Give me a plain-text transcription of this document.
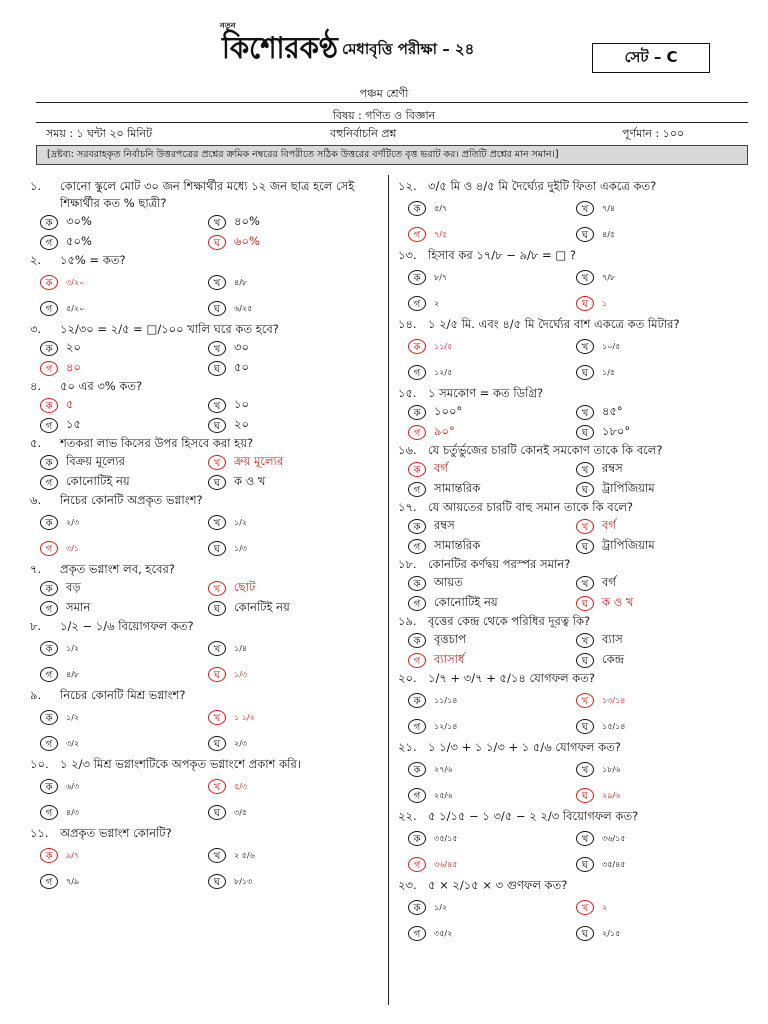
নতুন
কিশোরকণ্ঠ
মেধাবৃত্তি পরীক্ষা – ২৪	সেট – C
পঞ্চম শ্রেণী
বিষয় : গণিত ও বিজ্ঞান
সময় : ১ ঘন্টা ২০ মিনিট	বহুনির্বাচনি প্রশ্ন	পূর্ণমান : ১০০
[দ্রষ্টব্য: সরবরাহকৃত নির্বাচনি উত্তরপত্রের প্রশ্নের ক্রমিক নম্বরের বিপরীতে সঠিক উত্তরের বর্ণটিতে বৃত্ত ভরাট কর। প্রতিটি প্রশ্নের মান সমান।]
১.	কোনো স্কুলে মোট ৩০ জন শিক্ষার্থীর মধ্যে ১২ জন ছাত্র হলে সেই শিক্ষার্থীর কত % ছাত্রী?
ক	৩০%	খ	৪০%
গ	৫০%	ঘ	৬০%
২.	১৫% = কত?
ক	৩/২০	খ	৪/৮
গ	৫/২০	ঘ	৬/২৫
৩.	১২/৩০ = ২/৫ = □/১০০ খালি ঘরে কত হবে?
ক	২০	খ	৩০
গ	৪০	ঘ	৫০
৪.	৫০ এর ৩% কত?
ক	৫	খ	১০
গ	১৫	ঘ	২০
৫.	শতকরা লাভ কিসের উপর হিসবে করা হয়?
ক	বিক্রয় মূল্যের	খ	ক্রয় মূল্যের
গ	কোনোটিই নয়	ঘ	ক ও খ
৬.	নিচের কোনটি অপ্রকৃত ভগ্নাংশ?
ক	২/৩	খ	১/২
গ	৩/১	ঘ	১/৩
৭.	প্রকৃত ভগ্নাংশ লব, হবের?
ক	বড়	খ	ছোট
গ	সমান	ঘ	কোনটিই নয়
৮.	১/২ − ১/৬ বিয়োগফল কত?
ক	১/২	খ	১/৪
গ	৪/৮	ঘ	১/৩
৯.	নিচের কোনটি মিশ্র ভগ্নাংশ?
ক	১/২	খ	১ ১/২
গ	৩/২	ঘ	২/৩
১০. ১ ২/৩ মিশ্র ভগ্নাংশটিকে অপকৃত ভগ্নাংশে প্রকাশ করি।
ক	৬/৩	খ	৫/৩
গ	৪/৩	ঘ	৩/৫
১১. অপ্রকৃত ভগ্নাংশ কোনটি?
ক	৯/৭	খ	২ ৫/৬
গ	৭/৯	ঘ	৮/১৩
১২. ৩/৫ মি ও ৪/৫ মি দৈর্ঘ্যের দুইটি ফিতা একত্রে কত?
ক	৫/৭	খ	৭/৪
গ	৭/৫	ঘ	৪/৫
১৩. হিসাব কর ১৭/৮ − ৯/৮ = □ ?
ক	৮/৭	খ	৭/৮
গ	২	ঘ	১
১৪. ১ ২/৫ মি. এবং ৪/৫ মি দৈর্ঘ্যের বাশ একত্রে কত মিটার?
ক	১১/৫	খ	১০/৫
গ	১২/৫	ঘ	১/৫
১৫. ১ সমকোণ = কত ডিগ্রি?
ক	১০০°	খ	৪৫°
গ	৯০°	ঘ	১৮০°
১৬. যে চর্তুর্ভুজের চারটি কোনই সমকোণ তাকে কি বলে?
ক	বর্গ	খ	রম্বস
গ	সামান্তরিক	ঘ	ট্রাপিজিয়াম
১৭. যে আয়তের চারটি বাহু সমান তাকে কি বলে?
ক	রম্বস	খ	বর্গ
গ	সামান্তরিক	ঘ	ট্রাপিজিয়াম
১৮. কোনটির কর্ণদ্বয় পরস্পর সমান?
ক	আয়ত	খ	বর্গ
গ	কোনোটিই নয়	ঘ	ক ও খ
১৯. বৃত্তের কেন্দ্র থেকে পরিধির দূরত্ব কি?
ক	বৃত্তচাপ	খ	ব্যাস
গ	ব্যাসার্ধ	ঘ	কেন্দ্র
২০. ১/৭ + ৩/৭ + ৫/১৪ যোগফল কত?
ক	১১/১৪	খ	১৩/১৪
গ	১২/১৪	ঘ	১৫/১৪
২১. ১ ১/৩ + ১ ১/৩ + ১ ৫/৬ যোগফল কত?
ক	২৭/৬	খ	১৮/৬
গ	২৫/৬	ঘ	২৯/৬
২২. ৫ ১/১৫ − ১ ৩/৫ − ২ ২/৩ বিয়োগফল কত?
ক	৩৫/১৫	খ	৩৬/১৫
গ	৩৬/৪৫	ঘ	৩৫/৪৫
২৩. ৫ × ২/১৫ × ৩ গুণফল কত?
ক	১/২	খ	২
গ	৩৫/২	ঘ	২/১৫
